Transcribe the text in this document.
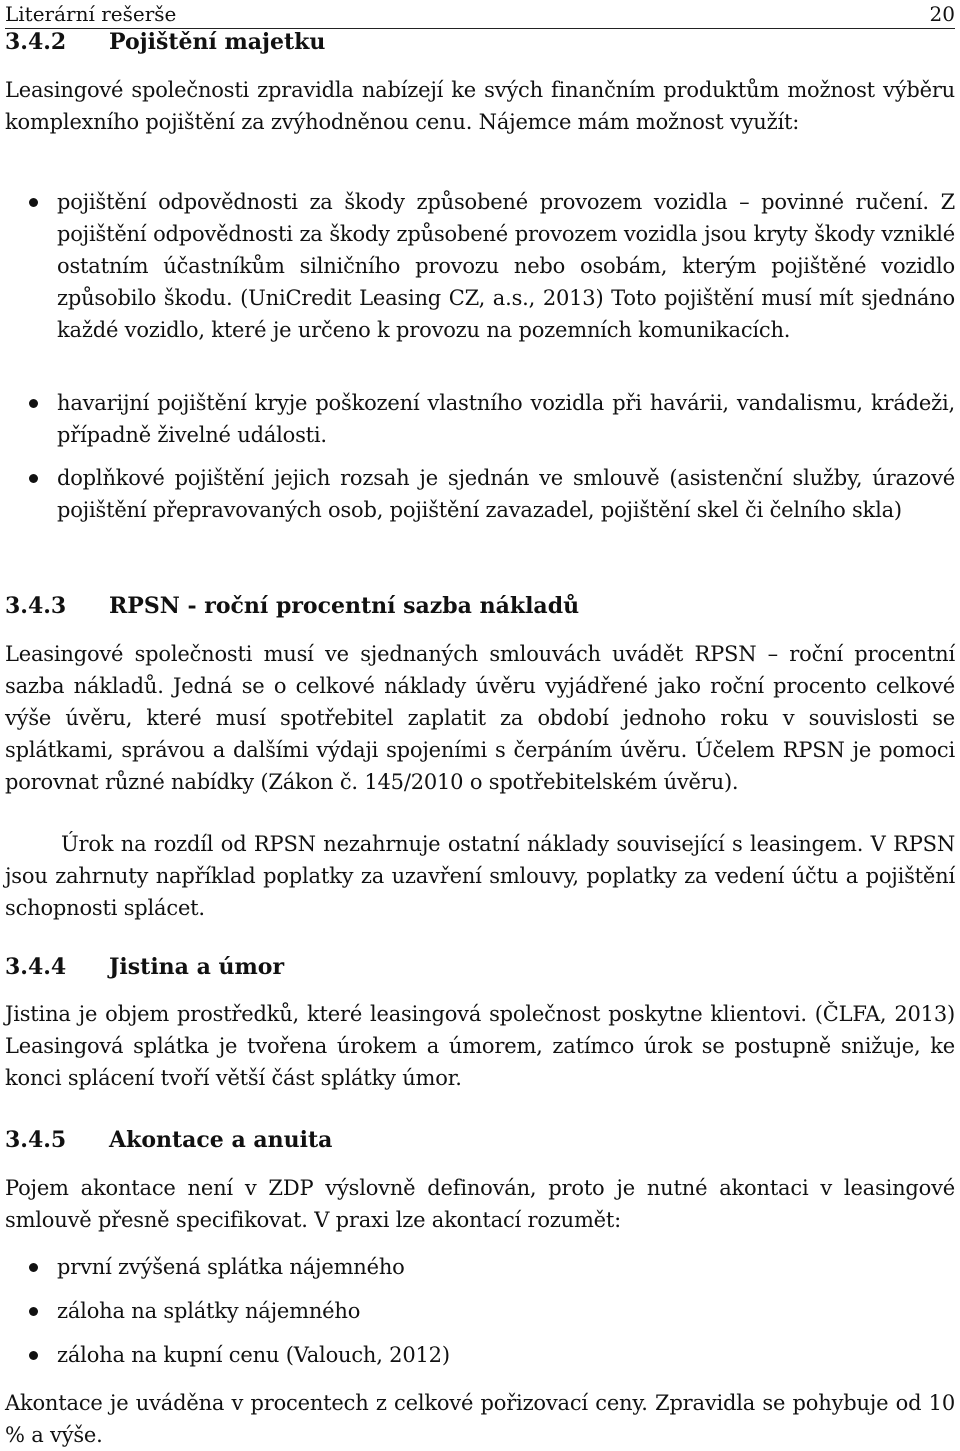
Literární rešerše	20
3.4.2 Pojištění majetku

Leasingové společnosti zpravidla nabízejí ke svých finančním produktům možnost výběru komplexního pojištění za zvýhodněnou cenu. Nájemce mám možnost využít:

pojištění odpovědnosti za škody způsobené provozem vozidla – povinné ručení. Z pojištění odpovědnosti za škody způsobené provozem vozidla jsou kryty škody vzniklé ostatním účastníkům silničního provozu nebo osobám, kterým pojištěné vozidlo způsobilo škodu. (UniCredit Leasing CZ, a.s., 2013) Toto pojištění musí mít sjednáno každé vozidlo, které je určeno k provozu na pozemních komunikacích.
havarijní pojištění kryje poškození vlastního vozidla při havárii, vandalismu, krádeži, případně živelné události.
doplňkové pojištění jejich rozsah je sjednán ve smlouvě (asistenční služby, úrazové pojištění přepravovaných osob, pojištění zavazadel, pojištění skel či čelního skla)
3.4.3 RPSN - roční procentní sazba nákladů

Leasingové společnosti musí ve sjednaných smlouvách uvádět RPSN – roční procentní sazba nákladů. Jedná se o celkové náklady úvěru vyjádřené jako roční procento celkové výše úvěru, které musí spotřebitel zaplatit za období jednoho roku v souvislosti se splátkami, správou a dalšími výdaji spojeními s čerpáním úvěru. Účelem RPSN je pomoci porovnat různé nabídky (Zákon č. 145/2010 o spotřebitelském úvěru).

Úrok na rozdíl od RPSN nezahrnuje ostatní náklady související s leasingem. V RPSN jsou zahrnuty například poplatky za uzavření smlouvy, poplatky za vedení účtu a pojištění schopnosti splácet.

3.4.4 Jistina a úmor

Jistina je objem prostředků, které leasingová společnost poskytne klientovi. (ČLFA, 2013) Leasingová splátka je tvořena úrokem a úmorem, zatímco úrok se postupně snižuje, ke konci splácení tvoří větší část splátky úmor.

3.4.5 Akontace a anuita

Pojem akontace není v ZDP výslovně definován, proto je nutné akontaci v leasingové smlouvě přesně specifikovat. V praxi lze akontací rozumět:

první zvýšená splátka nájemného
záloha na splátky nájemného
záloha na kupní cenu (Valouch, 2012)

Akontace je uváděna v procentech z celkové pořizovací ceny. Zpravidla se pohybuje od 10 % a výše.
